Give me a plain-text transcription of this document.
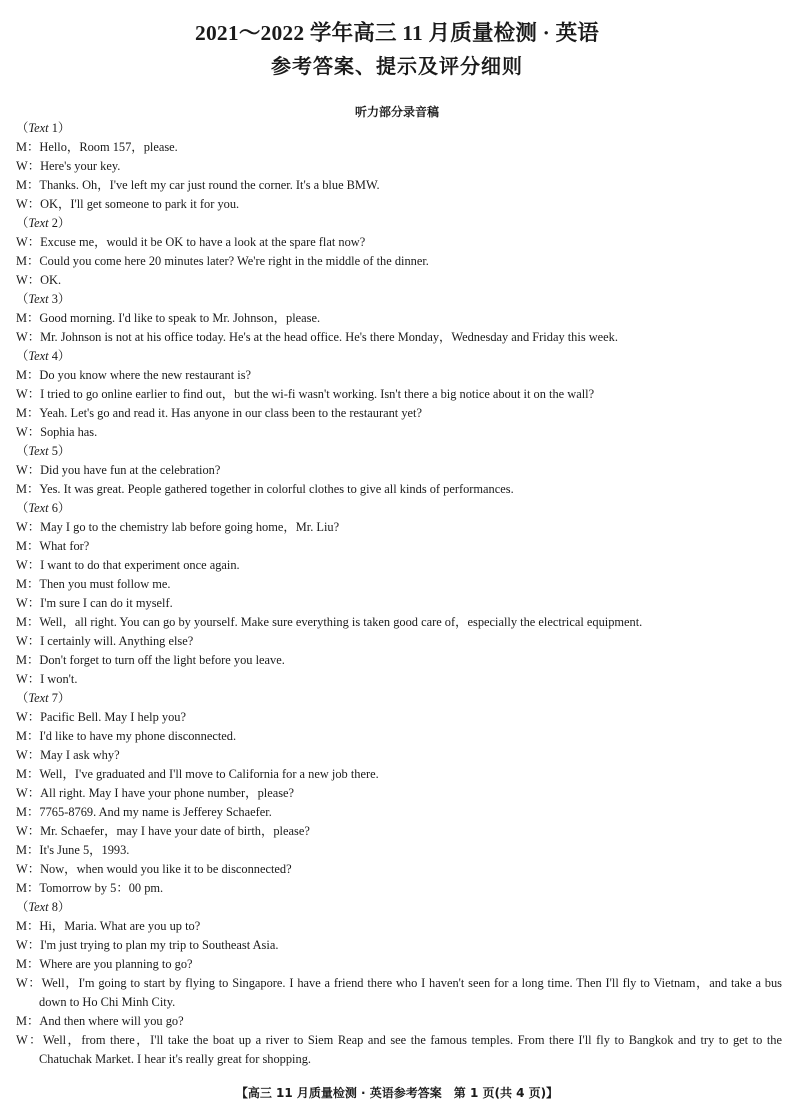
2021～2022 学年高三 11 月质量检测 · 英语
参考答案、提示及评分细则
听力部分录音稿
（Text 1）
M：Hello，Room 157，please.
W：Here's your key.
M：Thanks. Oh，I've left my car just round the corner. It's a blue BMW.
W：OK，I'll get someone to park it for you.
（Text 2）
W：Excuse me，would it be OK to have a look at the spare flat now?
M：Could you come here 20 minutes later? We're right in the middle of the dinner.
W：OK.
（Text 3）
M：Good morning. I'd like to speak to Mr. Johnson，please.
W：Mr. Johnson is not at his office today. He's at the head office. He's there Monday，Wednesday and Friday this week.
（Text 4）
M：Do you know where the new restaurant is?
W：I tried to go online earlier to find out，but the wi-fi wasn't working. Isn't there a big notice about it on the wall?
M：Yeah. Let's go and read it. Has anyone in our class been to the restaurant yet?
W：Sophia has.
（Text 5）
W：Did you have fun at the celebration?
M：Yes. It was great. People gathered together in colorful clothes to give all kinds of performances.
（Text 6）
W：May I go to the chemistry lab before going home，Mr. Liu?
M：What for?
W：I want to do that experiment once again.
M：Then you must follow me.
W：I'm sure I can do it myself.
M：Well，all right. You can go by yourself. Make sure everything is taken good care of，especially the electrical equipment.
W：I certainly will. Anything else?
M：Don't forget to turn off the light before you leave.
W：I won't.
（Text 7）
W：Pacific Bell. May I help you?
M：I'd like to have my phone disconnected.
W：May I ask why?
M：Well，I've graduated and I'll move to California for a new job there.
W：All right. May I have your phone number，please?
M：7765-8769. And my name is Jefferey Schaefer.
W：Mr. Schaefer，may I have your date of birth，please?
M：It's June 5，1993.
W：Now，when would you like it to be disconnected?
M：Tomorrow by 5：00 pm.
（Text 8）
M：Hi，Maria. What are you up to?
W：I'm just trying to plan my trip to Southeast Asia.
M：Where are you planning to go?
W：Well，I'm going to start by flying to Singapore. I have a friend there who I haven't seen for a long time. Then I'll fly to Vietnam，and take a bus down to Ho Chi Minh City.
M：And then where will you go?
W：Well，from there，I'll take the boat up a river to Siem Reap and see the famous temples. From there I'll fly to Bangkok and try to get to the Chatuchak Market. I hear it's really great for shopping.
【高三 11 月质量检测 · 英语参考答案　第 1 页(共 4 页)】
